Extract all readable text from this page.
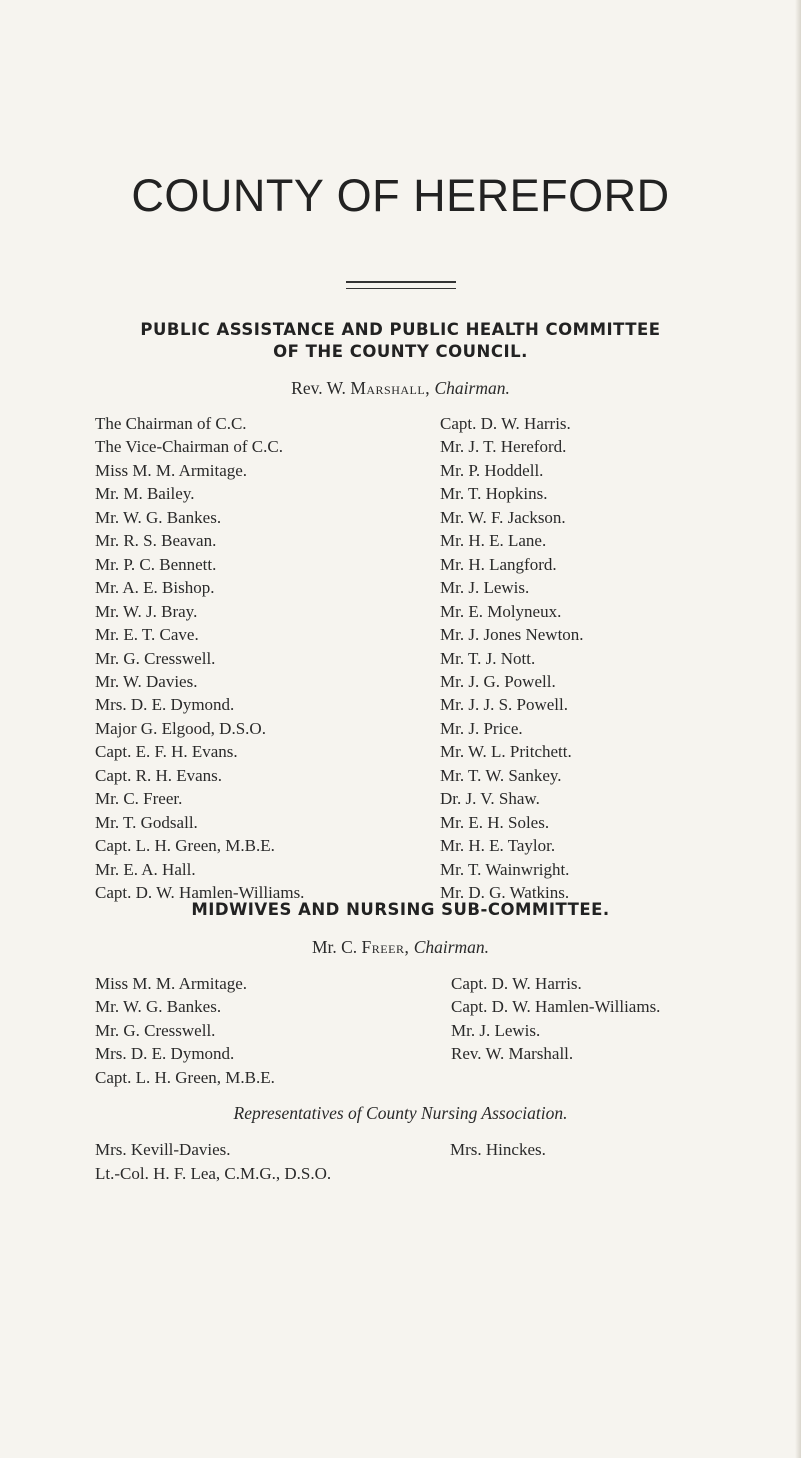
COUNTY OF HEREFORD
PUBLIC ASSISTANCE AND PUBLIC HEALTH COMMITTEE
OF THE COUNTY COUNCIL.
Rev. W. Marshall, Chairman.
The Chairman of C.C.
The Vice-Chairman of C.C.
Miss M. M. Armitage.
Mr. M. Bailey.
Mr. W. G. Bankes.
Mr. R. S. Beavan.
Mr. P. C. Bennett.
Mr. A. E. Bishop.
Mr. W. J. Bray.
Mr. E. T. Cave.
Mr. G. Cresswell.
Mr. W. Davies.
Mrs. D. E. Dymond.
Major G. Elgood, D.S.O.
Capt. E. F. H. Evans.
Capt. R. H. Evans.
Mr. C. Freer.
Mr. T. Godsall.
Capt. L. H. Green, M.B.E.
Mr. E. A. Hall.
Capt. D. W. Hamlen-Williams.
Capt. D. W. Harris.
Mr. J. T. Hereford.
Mr. P. Hoddell.
Mr. T. Hopkins.
Mr. W. F. Jackson.
Mr. H. E. Lane.
Mr. H. Langford.
Mr. J. Lewis.
Mr. E. Molyneux.
Mr. J. Jones Newton.
Mr. T. J. Nott.
Mr. J. G. Powell.
Mr. J. J. S. Powell.
Mr. J. Price.
Mr. W. L. Pritchett.
Mr. T. W. Sankey.
Dr. J. V. Shaw.
Mr. E. H. Soles.
Mr. H. E. Taylor.
Mr. T. Wainwright.
Mr. D. G. Watkins.
MIDWIVES AND NURSING SUB-COMMITTEE.
Mr. C. Freer, Chairman.
Miss M. M. Armitage.
Mr. W. G. Bankes.
Mr. G. Cresswell.
Mrs. D. E. Dymond.
Capt. L. H. Green, M.B.E.
Capt. D. W. Harris.
Capt. D. W. Hamlen-Williams.
Mr. J. Lewis.
Rev. W. Marshall.
Representatives of County Nursing Association.
Mrs. Kevill-Davies.
Lt.-Col. H. F. Lea, C.M.G., D.S.O.
Mrs. Hinckes.
